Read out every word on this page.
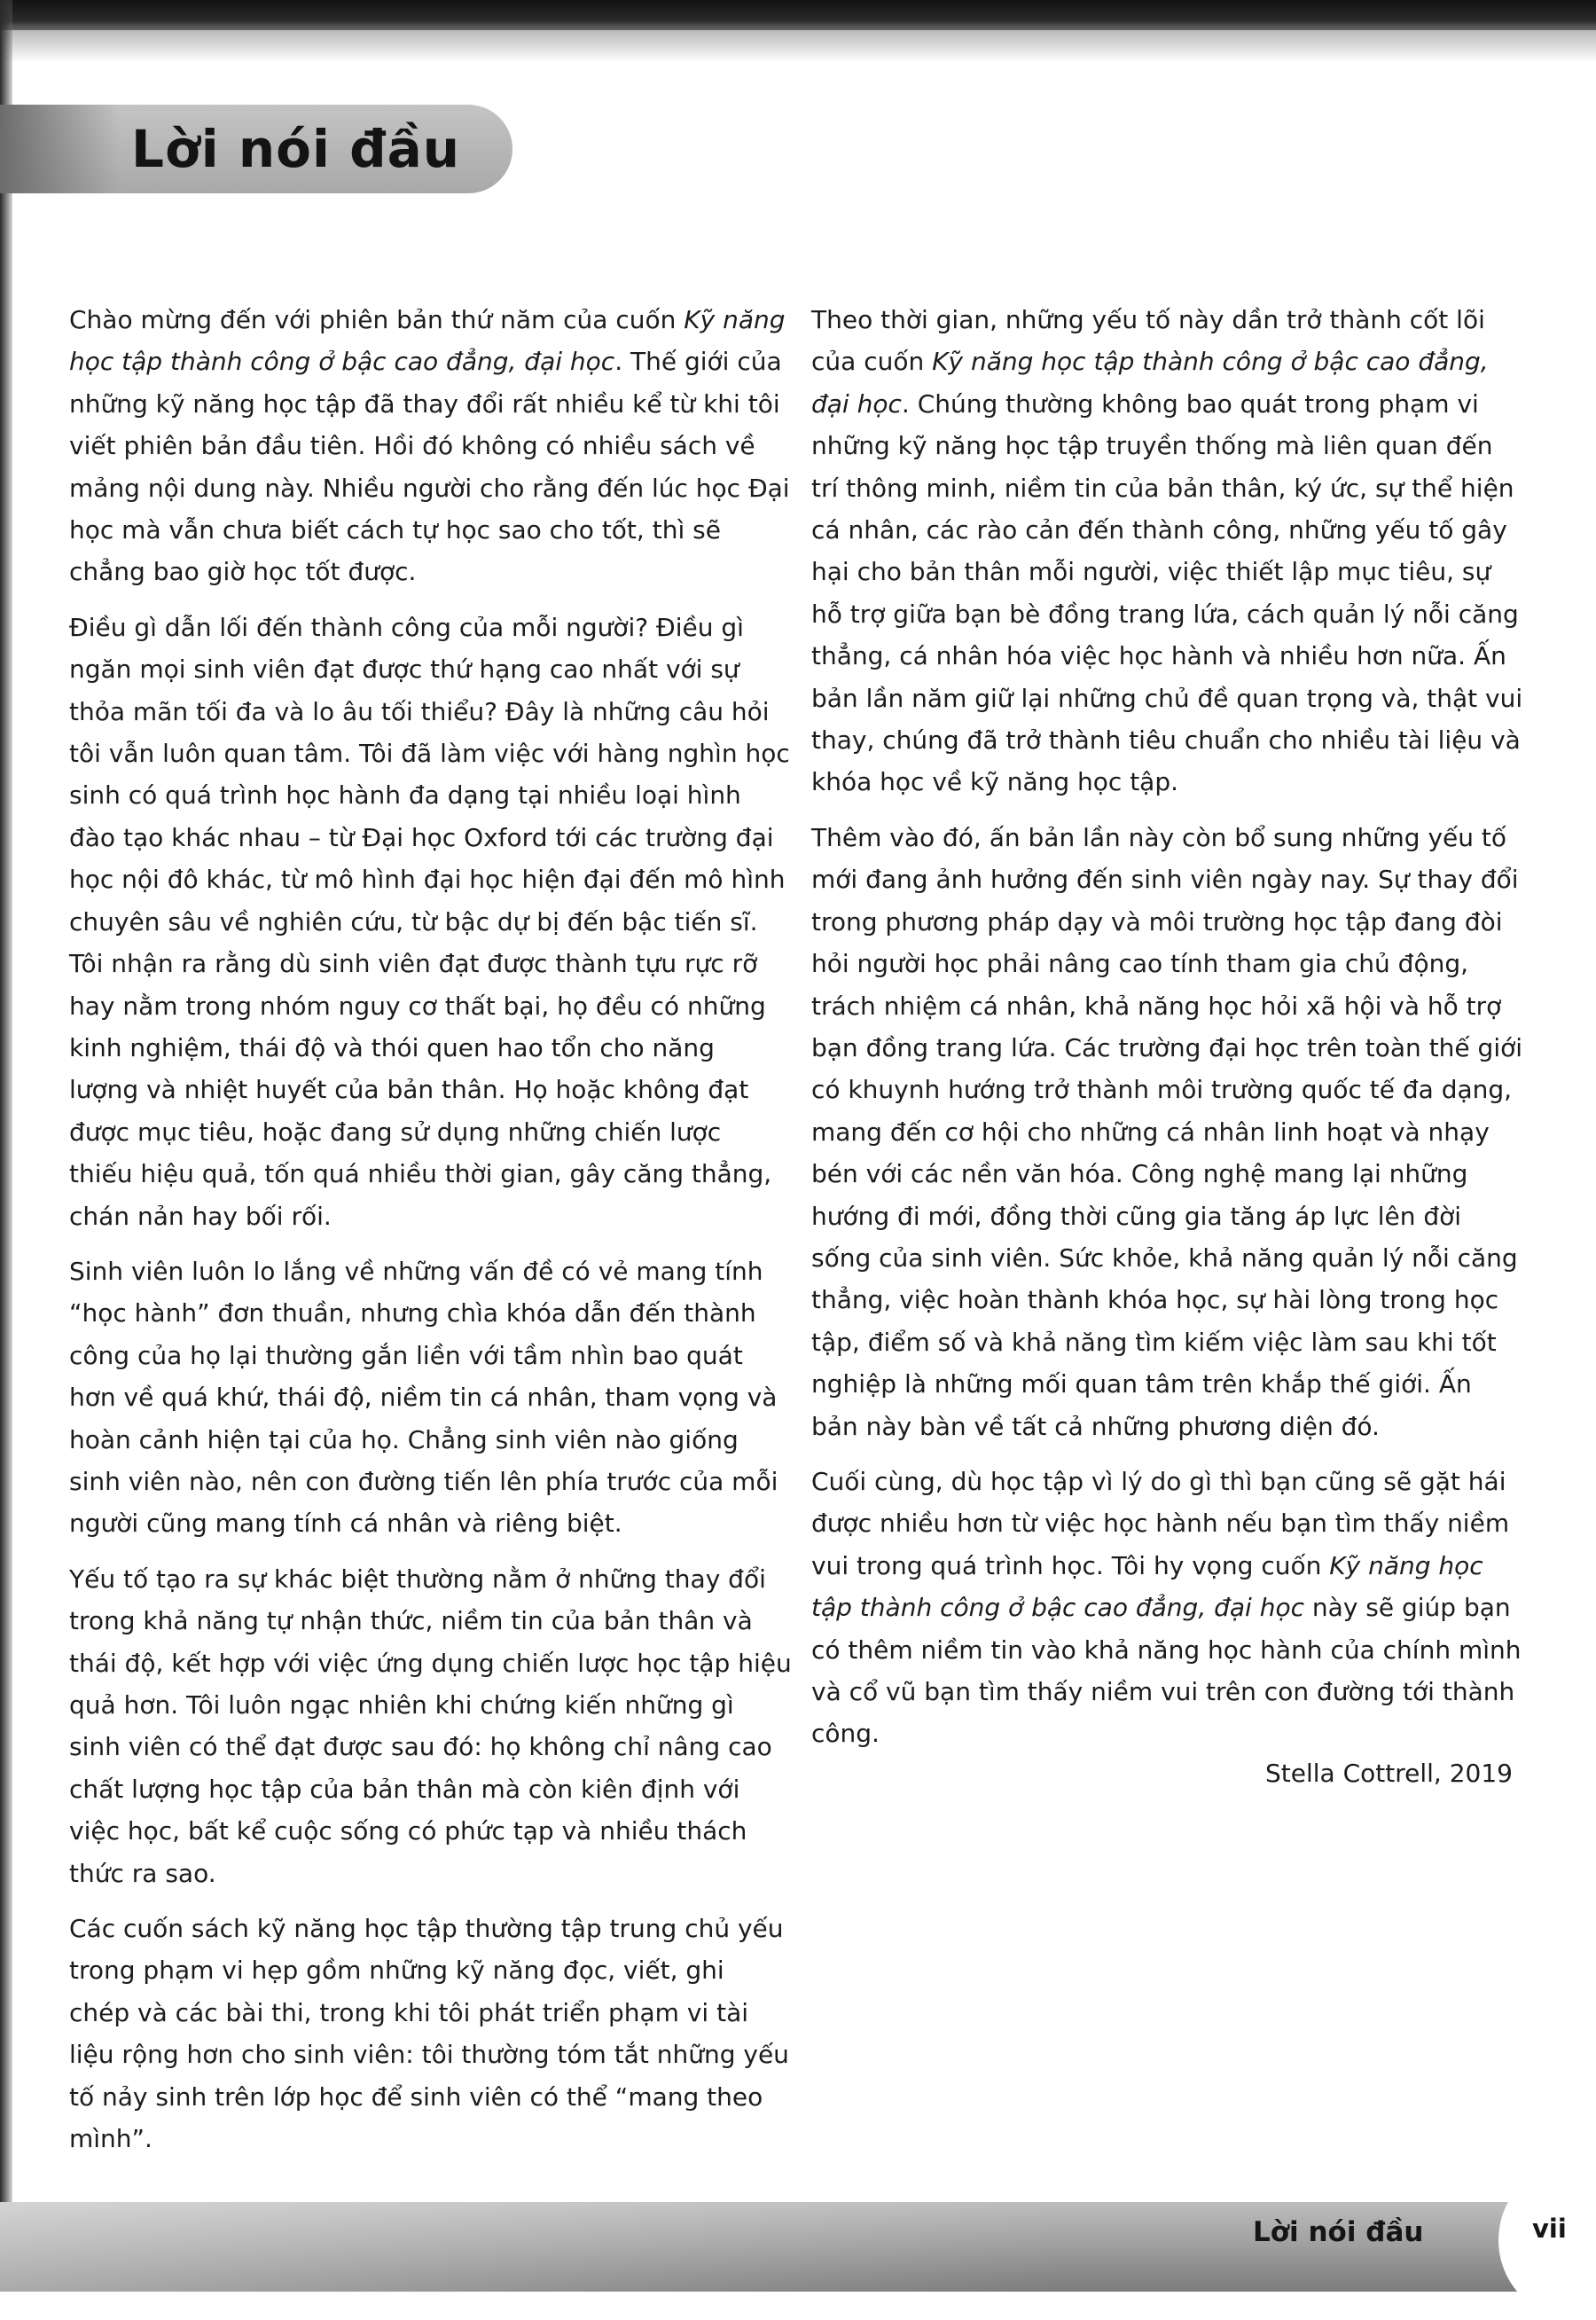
Lời nói đầu

Chào mừng đến với phiên bản thứ năm của cuốn Kỹ năng học tập thành công ở bậc cao đẳng, đại học. Thế giới của những kỹ năng học tập đã thay đổi rất nhiều kể từ khi tôi viết phiên bản đầu tiên. Hồi đó không có nhiều sách về mảng nội dung này. Nhiều người cho rằng đến lúc học Đại học mà vẫn chưa biết cách tự học sao cho tốt, thì sẽ chẳng bao giờ học tốt được.

Điều gì dẫn lối đến thành công của mỗi người? Điều gì ngăn mọi sinh viên đạt được thứ hạng cao nhất với sự thỏa mãn tối đa và lo âu tối thiểu? Đây là những câu hỏi tôi vẫn luôn quan tâm. Tôi đã làm việc với hàng nghìn học sinh có quá trình học hành đa dạng tại nhiều loại hình đào tạo khác nhau – từ Đại học Oxford tới các trường đại học nội đô khác, từ mô hình đại học hiện đại đến mô hình chuyên sâu về nghiên cứu, từ bậc dự bị đến bậc tiến sĩ. Tôi nhận ra rằng dù sinh viên đạt được thành tựu rực rỡ hay nằm trong nhóm nguy cơ thất bại, họ đều có những kinh nghiệm, thái độ và thói quen hao tổn cho năng lượng và nhiệt huyết của bản thân. Họ hoặc không đạt được mục tiêu, hoặc đang sử dụng những chiến lược thiếu hiệu quả, tốn quá nhiều thời gian, gây căng thẳng, chán nản hay bối rối.

Sinh viên luôn lo lắng về những vấn đề có vẻ mang tính “học hành” đơn thuần, nhưng chìa khóa dẫn đến thành công của họ lại thường gắn liền với tầm nhìn bao quát hơn về quá khứ, thái độ, niềm tin cá nhân, tham vọng và hoàn cảnh hiện tại của họ. Chẳng sinh viên nào giống sinh viên nào, nên con đường tiến lên phía trước của mỗi người cũng mang tính cá nhân và riêng biệt.

Yếu tố tạo ra sự khác biệt thường nằm ở những thay đổi trong khả năng tự nhận thức, niềm tin của bản thân và thái độ, kết hợp với việc ứng dụng chiến lược học tập hiệu quả hơn. Tôi luôn ngạc nhiên khi chứng kiến những gì sinh viên có thể đạt được sau đó: họ không chỉ nâng cao chất lượng học tập của bản thân mà còn kiên định với việc học, bất kể cuộc sống có phức tạp và nhiều thách thức ra sao.

Các cuốn sách kỹ năng học tập thường tập trung chủ yếu trong phạm vi hẹp gồm những kỹ năng đọc, viết, ghi chép và các bài thi, trong khi tôi phát triển phạm vi tài liệu rộng hơn cho sinh viên: tôi thường tóm tắt những yếu tố nảy sinh trên lớp học để sinh viên có thể “mang theo mình”.

Theo thời gian, những yếu tố này dần trở thành cốt lõi của cuốn Kỹ năng học tập thành công ở bậc cao đẳng, đại học. Chúng thường không bao quát trong phạm vi những kỹ năng học tập truyền thống mà liên quan đến trí thông minh, niềm tin của bản thân, ký ức, sự thể hiện cá nhân, các rào cản đến thành công, những yếu tố gây hại cho bản thân mỗi người, việc thiết lập mục tiêu, sự hỗ trợ giữa bạn bè đồng trang lứa, cách quản lý nỗi căng thẳng, cá nhân hóa việc học hành và nhiều hơn nữa. Ấn bản lần năm giữ lại những chủ đề quan trọng và, thật vui thay, chúng đã trở thành tiêu chuẩn cho nhiều tài liệu và khóa học về kỹ năng học tập.

Thêm vào đó, ấn bản lần này còn bổ sung những yếu tố mới đang ảnh hưởng đến sinh viên ngày nay. Sự thay đổi trong phương pháp dạy và môi trường học tập đang đòi hỏi người học phải nâng cao tính tham gia chủ động, trách nhiệm cá nhân, khả năng học hỏi xã hội và hỗ trợ bạn đồng trang lứa. Các trường đại học trên toàn thế giới có khuynh hướng trở thành môi trường quốc tế đa dạng, mang đến cơ hội cho những cá nhân linh hoạt và nhạy bén với các nền văn hóa. Công nghệ mang lại những hướng đi mới, đồng thời cũng gia tăng áp lực lên đời sống của sinh viên. Sức khỏe, khả năng quản lý nỗi căng thẳng, việc hoàn thành khóa học, sự hài lòng trong học tập, điểm số và khả năng tìm kiếm việc làm sau khi tốt nghiệp là những mối quan tâm trên khắp thế giới. Ấn bản này bàn về tất cả những phương diện đó.

Cuối cùng, dù học tập vì lý do gì thì bạn cũng sẽ gặt hái được nhiều hơn từ việc học hành nếu bạn tìm thấy niềm vui trong quá trình học. Tôi hy vọng cuốn Kỹ năng học tập thành công ở bậc cao đẳng, đại học này sẽ giúp bạn có thêm niềm tin vào khả năng học hành của chính mình và cổ vũ bạn tìm thấy niềm vui trên con đường tới thành công.

Stella Cottrell, 2019

Lời nói đầu	vii
